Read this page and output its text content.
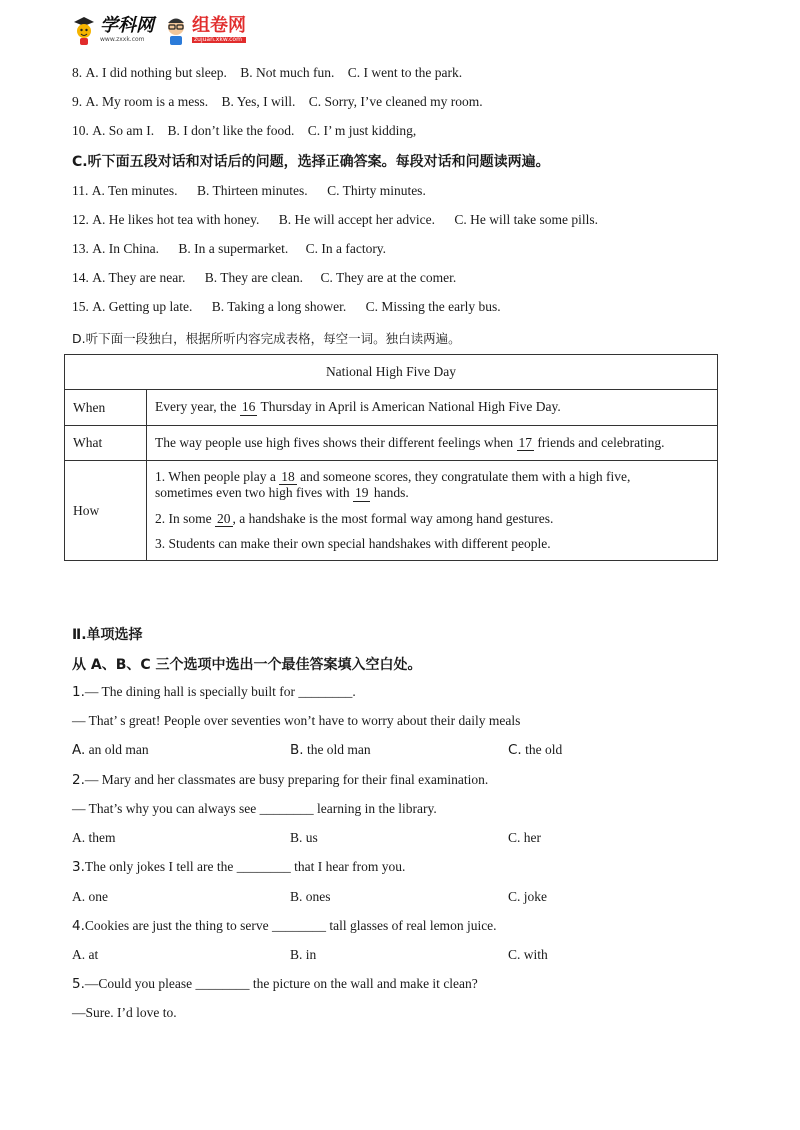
学科网
www.zxxk.com
组卷网
zujuan.xkw.com
8. A. I did nothing but sleep. B. Not much fun. C. I went to the park.
9. A. My room is a mess. B. Yes, I will. C. Sorry, I’ve cleaned my room.
10. A. So am I. B. I don’t like the food. C. I’ m just kidding,
C.听下面五段对话和对话后的问题，选择正确答案。每段对话和问题读两遍。
11. A. Ten minutes. B. Thirteen minutes. C. Thirty minutes.
12. A. He likes hot tea with honey. B. He will accept her advice. C. He will take some pills.
13. A. In China. B. In a supermarket. C. In a factory.
14. A. They are near. B. They are clean. C. They are at the comer.
15. A. Getting up late. B. Taking a long shower. C. Missing the early bus.
D.听下面一段独白，根据所听内容完成表格，每空一词。独白读两遍。
National High Five Day	
When	Every year, the 16 Thursday in April is American National High Five Day.
What	The way people use high fives shows their different feelings when 17 friends and celebrating.
How	1. When people play a 18 and someone scores, they congratulate them with a high five,

sometimes even two high fives with 19 hands.

2. In some 20 , a handshake is the most formal way among hand gestures.

3. Students can make their own special handshakes with different people.

Ⅱ.单项选择
从 A、B、C 三个选项中选出一个最佳答案填入空白处。
1.— The dining hall is specially built for ________.
— That’ s great! People over seventies won’t have to worry about their daily meals
A. an old man	B. the old man	C. the old
2.— Mary and her classmates are busy preparing for their final examination.
— That’s why you can always see ________ learning in the library.
A. them	B. us	C. her
3.The only jokes I tell are the ________ that I hear from you.
A. one	B. ones	C. joke
4.Cookies are just the thing to serve ________ tall glasses of real lemon juice.
A. at	B. in	C. with
5.—Could you please ________ the picture on the wall and make it clean?
—Sure. I’d love to.
